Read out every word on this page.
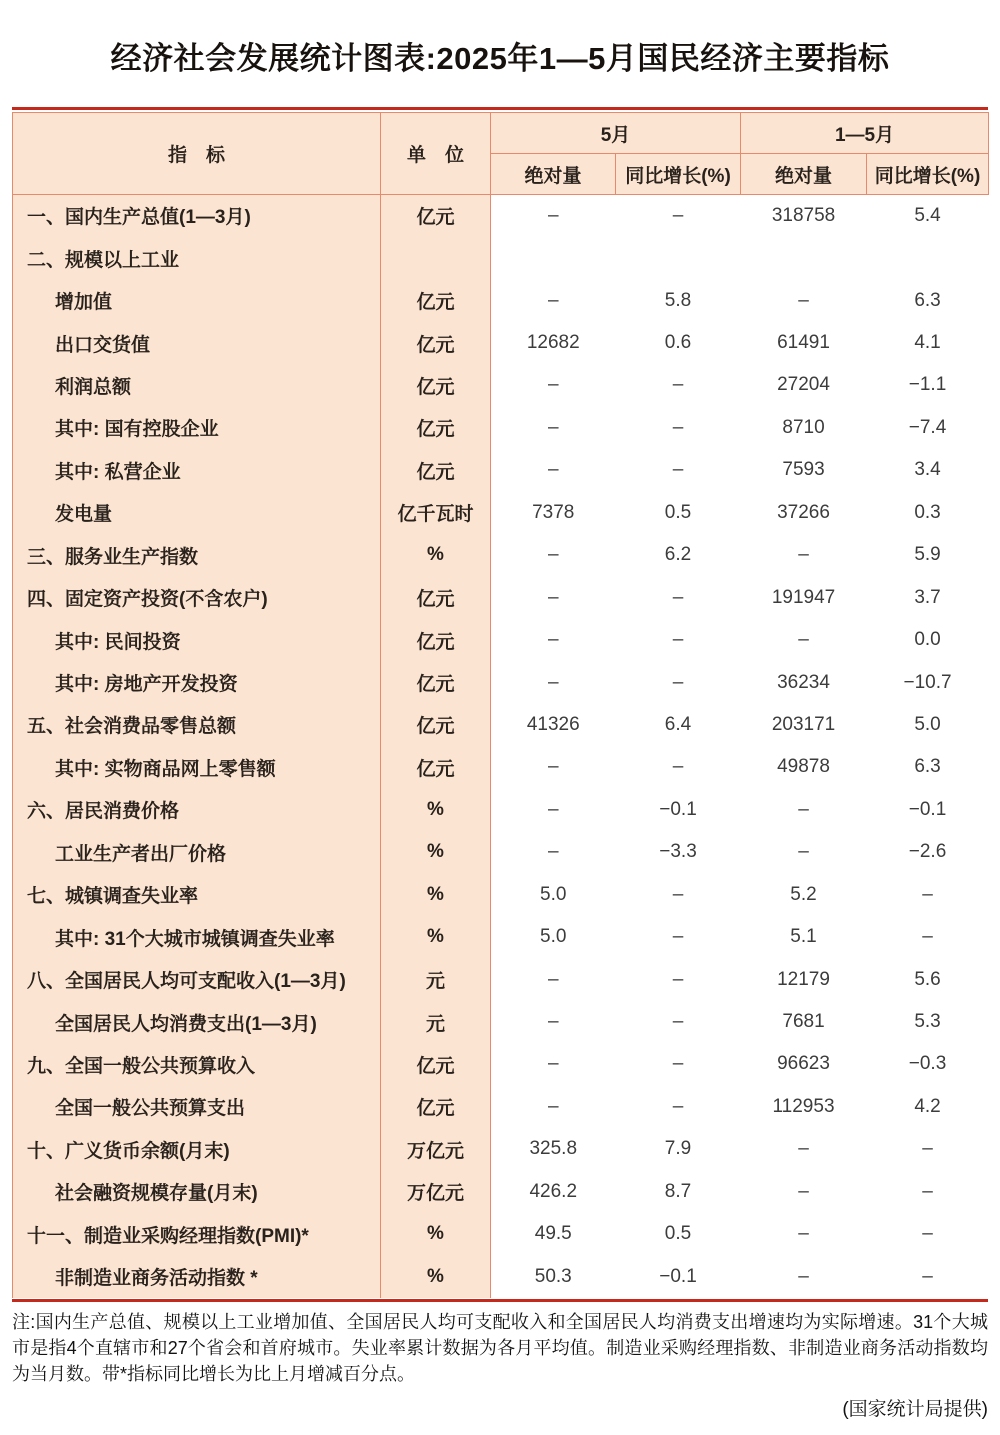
经济社会发展统计图表:2025年1—5月国民经济主要指标
指　标	单　位	5月		1—5月	
		绝对量	同比增长(%)	绝对量	同比增长(%)
一、国内生产总值(1—3月)	亿元	–	–	318758	5.4
二、规模以上工业					
增加值	亿元	–	5.8	–	6.3
出口交货值	亿元	12682	0.6	61491	4.1
利润总额	亿元	–	–	27204	−1.1
其中: 国有控股企业	亿元	–	–	8710	−7.4
其中: 私营企业	亿元	–	–	7593	3.4
发电量	亿千瓦时	7378	0.5	37266	0.3
三、服务业生产指数	%	–	6.2	–	5.9
四、固定资产投资(不含农户)	亿元	–	–	191947	3.7
其中: 民间投资	亿元	–	–	–	0.0
其中: 房地产开发投资	亿元	–	–	36234	−10.7
五、社会消费品零售总额	亿元	41326	6.4	203171	5.0
其中: 实物商品网上零售额	亿元	–	–	49878	6.3
六、居民消费价格	%	–	−0.1	–	−0.1
工业生产者出厂价格	%	–	−3.3	–	−2.6
七、城镇调查失业率	%	5.0	–	5.2	–
其中: 31个大城市城镇调查失业率	%	5.0	–	5.1	–
八、全国居民人均可支配收入(1—3月)	元	–	–	12179	5.6
全国居民人均消费支出(1—3月)	元	–	–	7681	5.3
九、全国一般公共预算收入	亿元	–	–	96623	−0.3
全国一般公共预算支出	亿元	–	–	112953	4.2
十、广义货币余额(月末)	万亿元	325.8	7.9	–	–
社会融资规模存量(月末)	万亿元	426.2	8.7	–	–
十一、制造业采购经理指数(PMI)*	%	49.5	0.5	–	–
非制造业商务活动指数 *	%	50.3	−0.1	–	–

注:国内生产总值、规模以上工业增加值、全国居民人均可支配收入和全国居民人均消费支出增速均为实际增速。31个大城市是指4个直辖市和27个省会和首府城市。失业率累计数据为各月平均值。制造业采购经理指数、非制造业商务活动指数均为当月数。带*指标同比增长为比上月增减百分点。

(国家统计局提供)
